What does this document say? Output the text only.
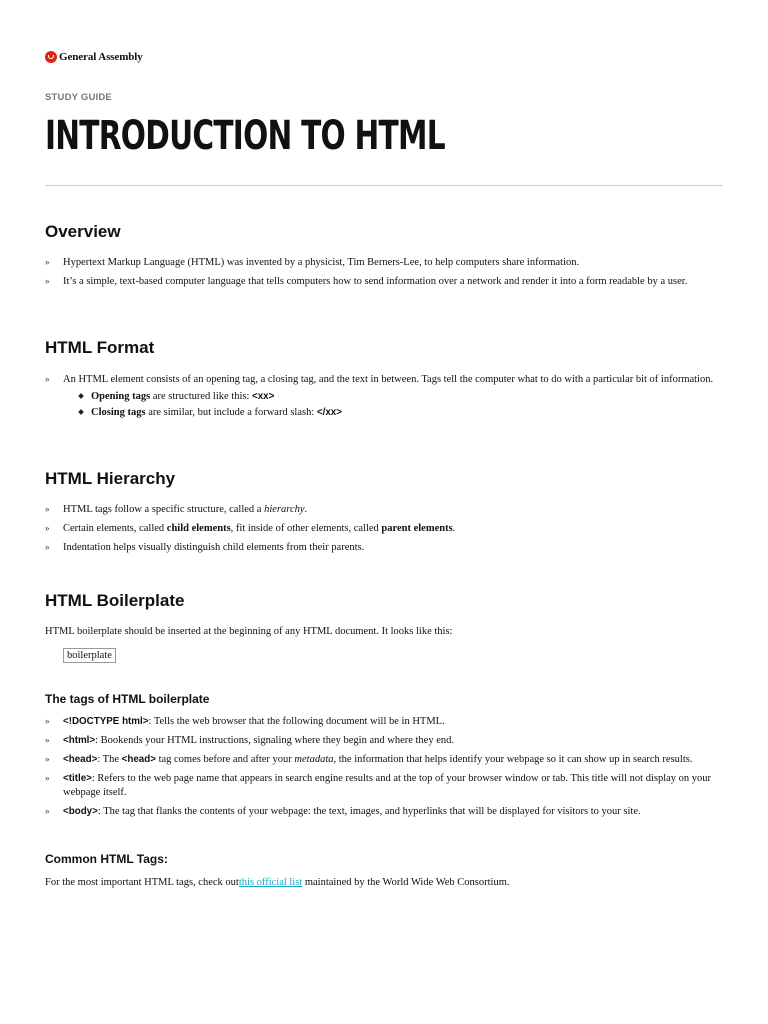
General Assembly
STUDY GUIDE
INTRODUCTION TO HTML
Overview
» Hypertext Markup Language (HTML) was invented by a physicist, Tim Berners-Lee, to help computers share information.
» It’s a simple, text-based computer language that tells computers how to send information over a network and render it into a form readable by a user.
HTML Format
» An HTML element consists of an opening tag, a closing tag, and the text in between. Tags tell the computer what to do with a particular bit of information.
Opening tags are structured like this: <xx>
Closing tags are similar, but include a forward slash: </xx>
HTML Hierarchy
» HTML tags follow a specific structure, called a hierarchy.
» Certain elements, called child elements, fit inside of other elements, called parent elements.
» Indentation helps visually distinguish child elements from their parents.
HTML Boilerplate
HTML boilerplate should be inserted at the beginning of any HTML document. It looks like this:
boilerplate
The tags of HTML boilerplate
» <!DOCTYPE html>: Tells the web browser that the following document will be in HTML.
» <html>: Bookends your HTML instructions, signaling where they begin and where they end.
» <head>: The <head> tag comes before and after your metadata, the information that helps identify your webpage so it can show up in search results.
» <title>: Refers to the web page name that appears in search engine results and at the top of your browser window or tab. This title will not display on your webpage itself.
» <body>: The tag that flanks the contents of your webpage: the text, images, and hyperlinks that will be displayed for visitors to your site.
Common HTML Tags:
For the most important HTML tags, check outthis official list maintained by the World Wide Web Consortium.
